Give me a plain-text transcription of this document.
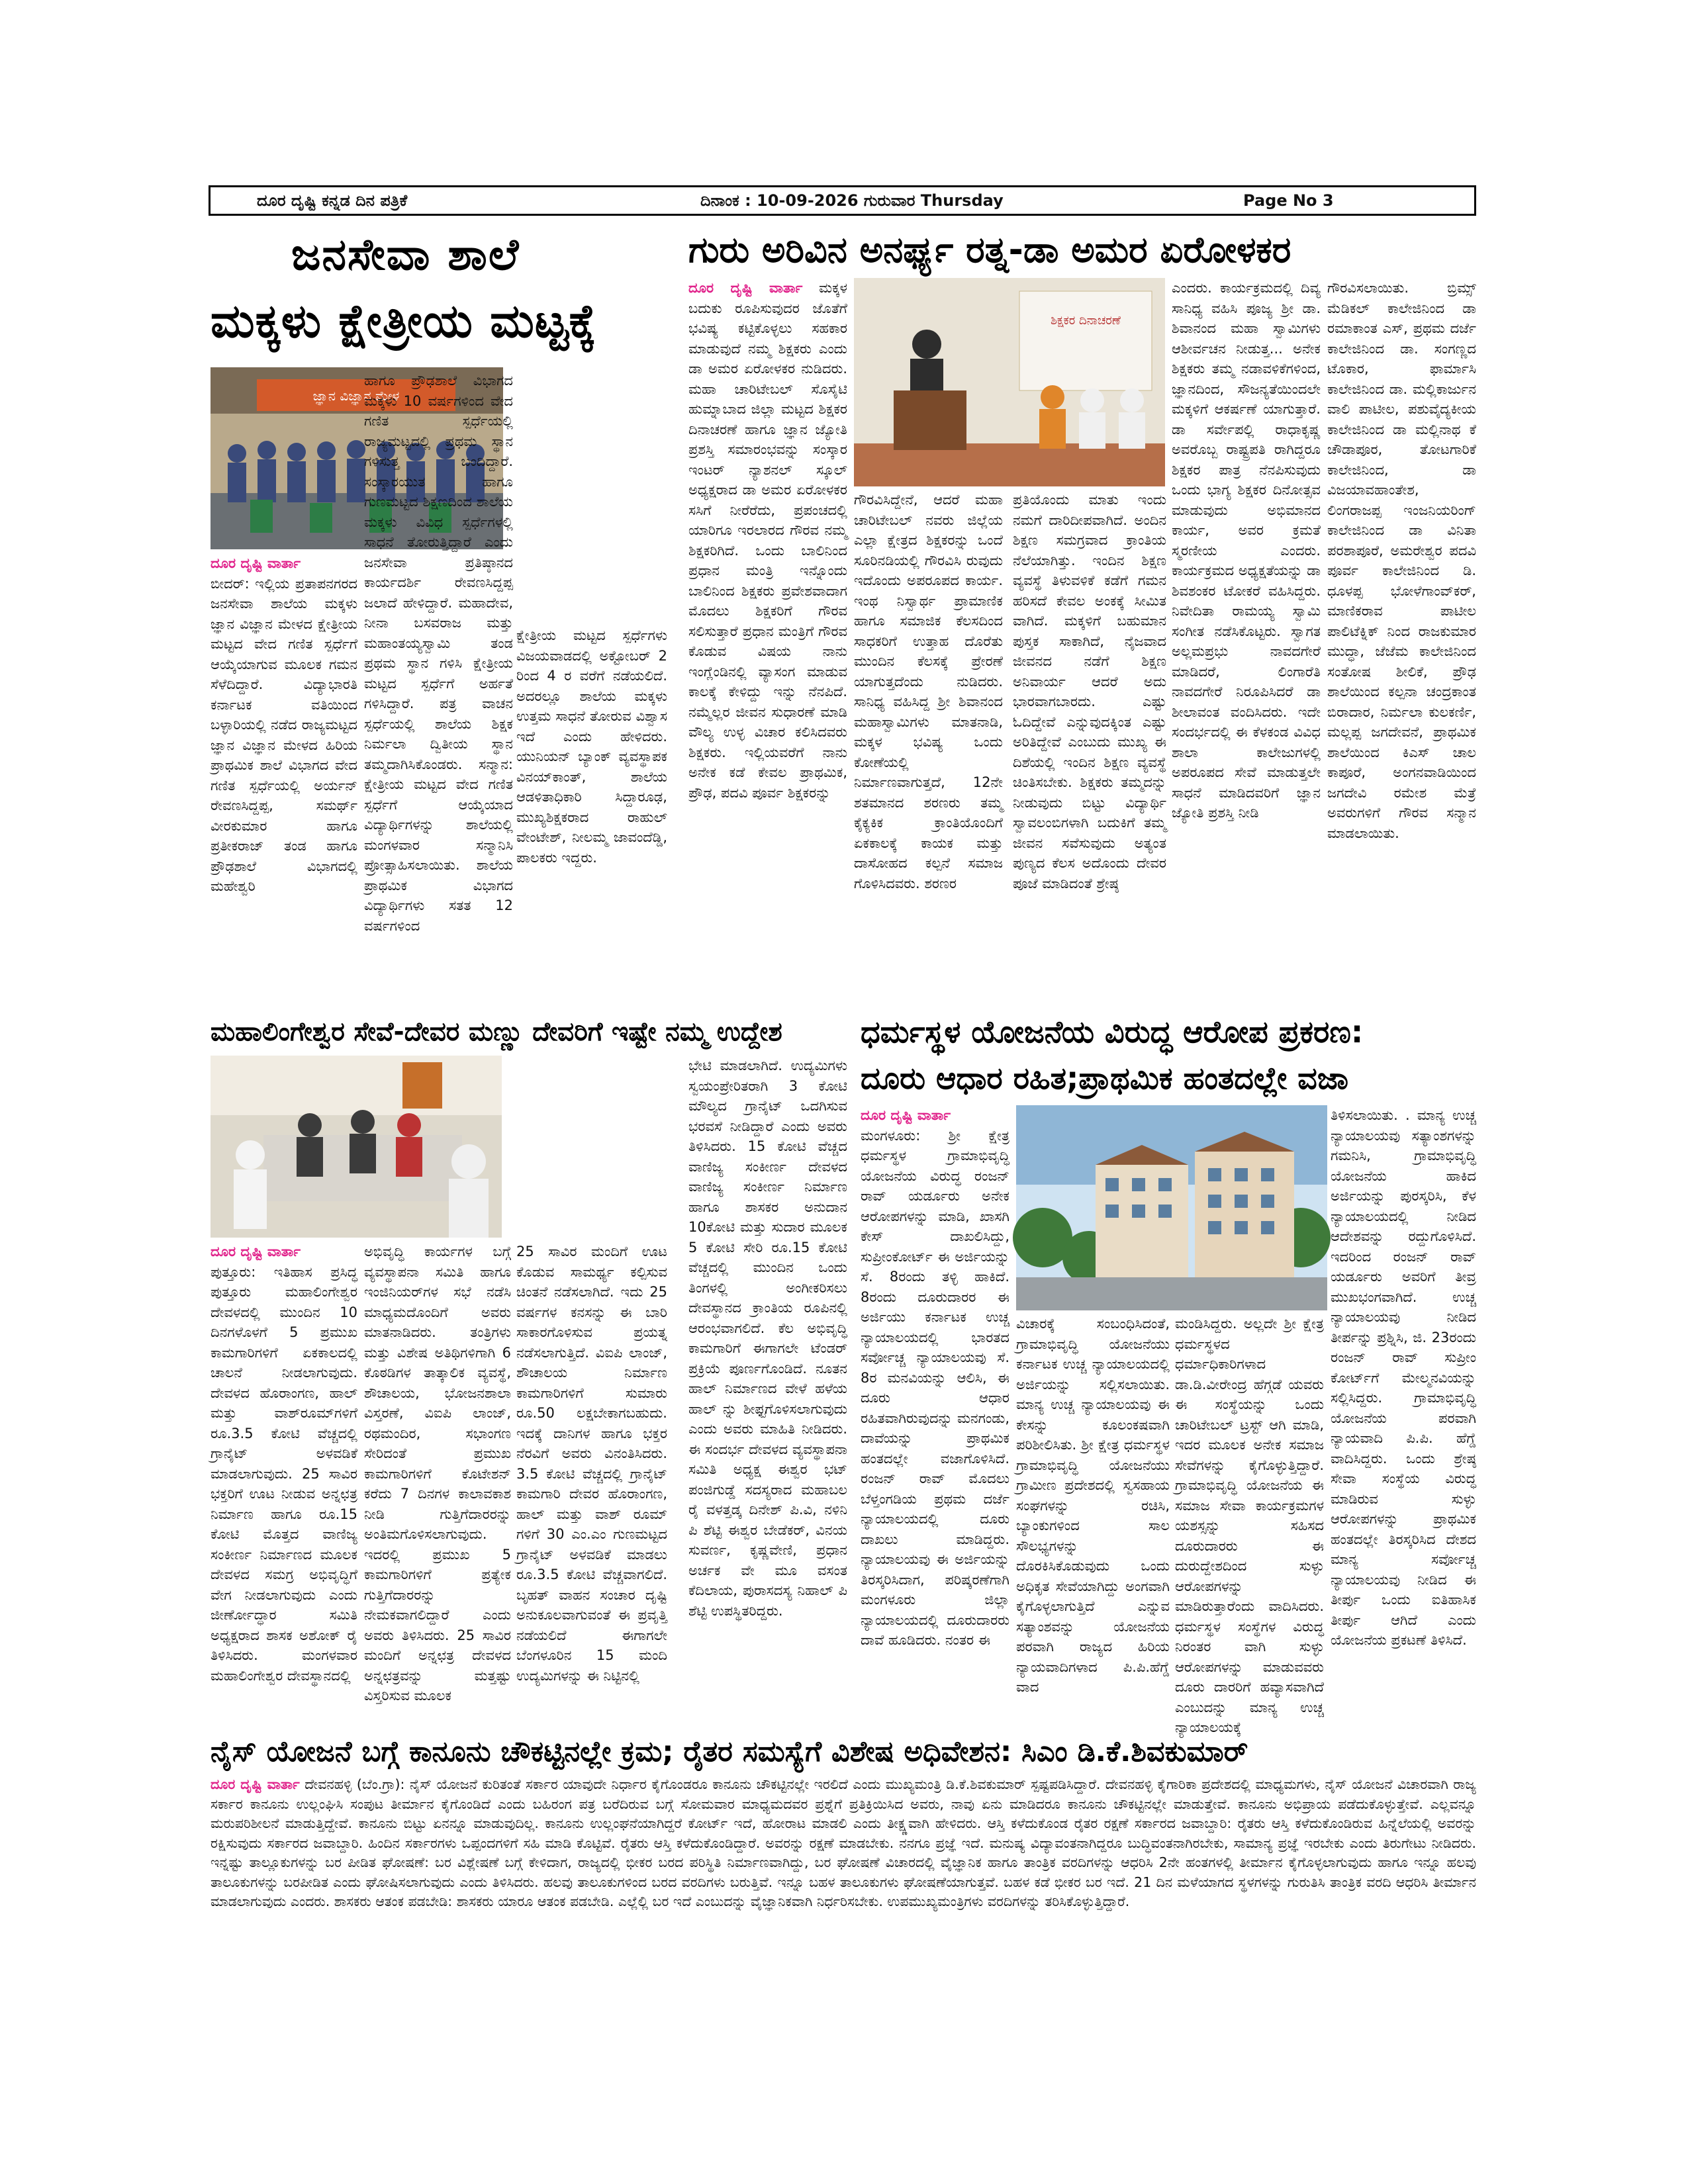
ದೂರ ದೃಷ್ಟಿ ಕನ್ನಡ ದಿನ ಪತ್ರಿಕೆ	ದಿನಾಂಕ : 10-09-2026 ಗುರುವಾರ Thursday	Page No 3
ಜನಸೇವಾ ಶಾಲೆ
ಮಕ್ಕಳು ಕ್ಷೇತ್ರೀಯ ಮಟ್ಟಕ್ಕೆ
ಜ್ಞಾನ ವಿಜ್ಞಾನ ಮೇಳ
ದೂರ ದೃಷ್ಟಿ ವಾರ್ತಾ
ಬೀದರ್: ಇಲ್ಲಿಯ ಪ್ರತಾಪನಗರದ ಜನಸೇವಾ ಶಾಲೆಯ ಮಕ್ಕಳು ಜ್ಞಾನ ವಿಜ್ಞಾನ ಮೇಳದ ಕ್ಷೇತ್ರೀಯ ಮಟ್ಟದ ವೇದ ಗಣಿತ ಸ್ಪರ್ಧೆಗೆ ಆಯ್ಕೆಯಾಗುವ ಮೂಲಕ ಗಮನ ಸೆಳೆದಿದ್ದಾರೆ. ವಿದ್ಯಾಭಾರತಿ ಕರ್ನಾಟಕ ವತಿಯಿಂದ ಬಳ್ಳಾರಿಯಲ್ಲಿ ನಡೆದ ರಾಜ್ಯಮಟ್ಟದ ಜ್ಞಾನ ವಿಜ್ಞಾನ ಮೇಳದ ಹಿರಿಯ ಪ್ರಾಥಮಿಕ ಶಾಲೆ ವಿಭಾಗದ ವೇದ ಗಣಿತ ಸ್ಪರ್ಧೆಯಲ್ಲಿ ಅರ್ಯನ್ ರೇವಣಸಿದ್ದಪ್ಪ, ಸಮರ್ಥ್ ವೀರಕುಮಾರ ಹಾಗೂ ಪ್ರತೀಕರಾಜ್ ತಂಡ ಹಾಗೂ ಪ್ರೌಢಶಾಲೆ ವಿಭಾಗದಲ್ಲಿ ಮಹೇಶ್ವರಿ
ಹಾಗೂ ಪ್ರೌಢಶಾಲೆ ವಿಭಾಗದ ಮಕ್ಕಳು 10 ವರ್ಷಗಳಿಂದ ವೇದ ಗಣಿತ ಸ್ಪರ್ಧೆಯಲ್ಲಿ ರಾಜ್ಯಮಟ್ಟದಲ್ಲಿ ಪ್ರಥಮ ಸ್ಥಾನ ಗಳಿಸುತ್ತ ಬಂದಿದ್ದಾರೆ. ಸಂಸ್ಕಾರಯುತ ಹಾಗೂ ಗುಣಮಟ್ಟದ ಶಿಕ್ಷಣದಿಂದ ಶಾಲೆಯ ಮಕ್ಕಳು ವಿವಿಧ ಸ್ಪರ್ಧೆಗಳಲ್ಲಿ ಸಾಧನೆ ತೋರುತ್ತಿದ್ದಾರೆ ಎಂದು ಜನಸೇವಾ ಪ್ರತಿಷ್ಠಾನದ ಕಾರ್ಯದರ್ಶಿ ರೇವಣಸಿದ್ದಪ್ಪ ಜಲಾದೆ ಹೇಳಿದ್ದಾರೆ. ಮಹಾದೇವ, ನೀನಾ ಬಸವರಾಜ ಮತ್ತು ಮಹಾಂತಯ್ಯಸ್ವಾಮಿ ತಂಡ ಪ್ರಥಮ ಸ್ಥಾನ ಗಳಿಸಿ ಕ್ಷೇತ್ರೀಯ ಮಟ್ಟದ ಸ್ಪರ್ಧೆಗೆ ಅರ್ಹತೆ ಗಳಿಸಿದ್ದಾರೆ. ಪತ್ರ ವಾಚನ ಸ್ಪರ್ಧೆಯಲ್ಲಿ ಶಾಲೆಯ ಶಿಕ್ಷಕ ನಿರ್ಮಲಾ ದ್ವಿತೀಯ ಸ್ಥಾನ ತಮ್ಮದಾಗಿಸಿಕೊಂಡರು. ಸನ್ಮಾನ: ಕ್ಷೇತ್ರೀಯ ಮಟ್ಟದ ವೇದ ಗಣಿತ ಸ್ಪರ್ಧೆಗೆ ಆಯ್ಕೆಯಾದ ವಿದ್ಯಾರ್ಥಿಗಳನ್ನು ಶಾಲೆಯಲ್ಲಿ ಮಂಗಳವಾರ ಸನ್ಮಾನಿಸಿ ಪ್ರೋತ್ಸಾಹಿಸಲಾಯಿತು. ಶಾಲೆಯ ಪ್ರಾಥಮಿಕ ವಿಭಾಗದ ವಿದ್ಯಾರ್ಥಿಗಳು ಸತತ 12 ವರ್ಷಗಳಿಂದ
ಕ್ಷೇತ್ರೀಯ ಮಟ್ಟದ ಸ್ಪರ್ಧೆಗಳು ವಿಜಯವಾಡದಲ್ಲಿ ಅಕ್ಟೋಬರ್ 2 ರಿಂದ 4 ರ ವರೆಗೆ ನಡೆಯಲಿದೆ. ಅದರಲ್ಲೂ ಶಾಲೆಯ ಮಕ್ಕಳು ಉತ್ತಮ ಸಾಧನೆ ತೋರುವ ವಿಶ್ವಾಸ ಇದೆ ಎಂದು ಹೇಳಿದರು. ಯುನಿಯನ್ ಬ್ಯಾಂಕ್ ವ್ಯವಸ್ಥಾಪಕ ವಿನಯ್‌ಕಾಂತ್, ಶಾಲೆಯ ಆಡಳಿತಾಧಿಕಾರಿ ಸಿದ್ದಾರೂಢ, ಮುಖ್ಯಶಿಕ್ಷಕರಾದ ರಾಹುಲ್ ವೇಂಟೇಶ್, ನೀಲಮ್ಮ ಜಾವಂದೆಡ್ಡಿ, ಪಾಲಕರು ಇದ್ದರು.
ಗುರು ಅರಿವಿನ ಅನರ್ಘ್ಯ ರತ್ನ-ಡಾ ಅಮರ ಏರೋಳಕರ
ದೂರ ದೃಷ್ಟಿ ವಾರ್ತಾ ಮಕ್ಕಳ ಬದುಕು ರೂಪಿಸುವುದರ ಜೊತೆಗೆ ಭವಿಷ್ಯ ಕಟ್ಟಿಕೊಳ್ಳಲು ಸಹಕಾರ ಮಾಡುವುದೆ ನಮ್ಮ ಶಿಕ್ಷಕರು ಎಂದು ಡಾ ಅಮರ ಏರೋಳಕರ ನುಡಿದರು. ಮಹಾ ಚಾರಿಟೇಬಲ್ ಸೊಸೈಟಿ ಹುಮ್ನಾಬಾದ ಜಿಲ್ಲಾ ಮಟ್ಟದ ಶಿಕ್ಷಕರ ದಿನಾಚರಣೆ ಹಾಗೂ ಜ್ಞಾನ ಜ್ಯೋತಿ ಪ್ರಶಸ್ತಿ ಸಮಾರಂಭವನ್ನು ಸಂಸ್ಕಾರ ಇಂಟರ್ ನ್ಯಾಶನಲ್ ಸ್ಕೂಲ್ ಅಧ್ಯಕ್ಷರಾದ ಡಾ ಅಮರ ಏರೋಳಕರ ಸಸಿಗೆ ನೀರೆರೆದು, ಪ್ರಪಂಚದಲ್ಲಿ ಯಾರಿಗೂ ಇರಲಾರದ ಗೌರವ ನಮ್ಮ ಶಿಕ್ಷಕರಿಗಿದೆ. ಒಂದು ಬಾಲಿನಿಂದ ಪ್ರಧಾನ ಮಂತ್ರಿ ಇನ್ನೊಂದು ಬಾಲಿನಿಂದ ಶಿಕ್ಷಕರು ಪ್ರವೇಶವಾದಾಗ ಮೊದಲು ಶಿಕ್ಷಕರಿಗೆ ಗೌರವ ಸಲಿಸುತ್ತಾರೆ ಪ್ರಧಾನ ಮಂತ್ರಿಗೆ ಗೌರವ ಕೊಡುವ ವಿಷಯ ನಾನು ಇಂಗ್ಲೆಂಡಿನಲ್ಲಿ ವ್ಯಾಸಂಗ ಮಾಡುವ ಕಾಲಕ್ಕೆ ಕೇಳಿದ್ದು ಇನ್ನು ನೆನಪಿದೆ. ನಮ್ಮೆಲ್ಲರ ಜೀವನ ಸುಧಾರಣೆ ಮಾಡಿ ವೌಲ್ಯ ಉಳ್ಳ ವಿಚಾರ ಕಲಿಸಿದವರು ಶಿಕ್ಷಕರು. ಇಲ್ಲಿಯವರೆಗೆ ನಾನು ಅನೇಕ ಕಡೆ ಕೇವಲ ಪ್ರಾಥಮಿಕ, ಪ್ರೌಢ, ಪದವಿ ಪೂರ್ವ ಶಿಕ್ಷಕರನ್ನು
ಶಿಕ್ಷಕರ ದಿನಾಚರಣೆ
ಗೌರವಿಸಿದ್ದೇನೆ, ಆದರೆ ಮಹಾ ಚಾರಿಟೇಬಲ್ ನವರು ಜಿಲ್ಲೆಯ ಎಲ್ಲಾ ಕ್ಷೇತ್ರದ ಶಿಕ್ಷಕರನ್ನು ಒಂದೆ ಸೂರಿನಡಿಯಲ್ಲಿ ಗೌರವಿಸಿ ರುವುದು ಇದೊಂದು ಅಪರೂಪದ ಕಾರ್ಯ. ಇಂಥ ನಿಸ್ವಾರ್ಥ ಪ್ರಾಮಾಣಿಕ ಹಾಗೂ ಸಮಾಜಿಕ ಕೆಲಸದಿಂದ ಸಾಧಕರಿಗೆ ಉತ್ತಾಹ ದೊರೆತು ಮುಂದಿನ ಕೆಲಸಕ್ಕೆ ಪ್ರೇರಣೆ ಯಾಗುತ್ತದೆಂದು ನುಡಿದರು. ಸಾನಿಧ್ಯ ವಹಿಸಿದ್ದ ಶ್ರೀ ಶಿವಾನಂದ ಮಹಾಸ್ವಾಮಿಗಳು ಮಾತನಾಡಿ, ಮಕ್ಕಳ ಭವಿಷ್ಯ ಒಂದು ಕೋಣೆಯಲ್ಲಿ ನಿರ್ಮಾಣವಾಗುತ್ತದೆ, 12ನೇ ಶತಮಾನದ ಶರಣರು ತಮ್ಮ ಕೈಕ್ಯಕಿಕ ಕ್ರಾಂತಿಯೊಂದಿಗೆ ಏಕಕಾಲಕ್ಕೆ ಕಾಯಕ ಮತ್ತು ದಾಸೋಹದ ಕಲ್ಪನೆ ಸಮಾಜ ಗೊಳಿಸಿದವರು. ಶರಣರ
ಪ್ರತಿಯೊಂದು ಮಾತು ಇಂದು ನಮಗೆ ದಾರಿದೀಪವಾಗಿದೆ. ಅಂದಿನ ಶಿಕ್ಷಣ ಸಮಗ್ರವಾದ ಕ್ರಾಂತಿಯ ನೆಲೆಯಾಗಿತ್ತು. ಇಂದಿನ ಶಿಕ್ಷಣ ವ್ಯವಸ್ಥೆ ತಿಳುವಳಿಕೆ ಕಡೆಗೆ ಗಮನ ಹರಿಸದೆ ಕೇವಲ ಅಂಕಕ್ಕೆ ಸೀಮಿತ ವಾಗಿದೆ. ಮಕ್ಕಳಿಗೆ ಬಹುಮಾನ ಪುಸ್ತಕ ಸಾಕಾಗಿದೆ, ನೈಜವಾದ ಜೀವನದ ನಡೆಗೆ ಶಿಕ್ಷಣ ಅನಿವಾರ್ಯ ಆದರೆ ಅದು ಭಾರವಾಗಬಾರದು. ಎಷ್ಟು ಓದಿದ್ದೇವೆ ಎನ್ನುವುದಕ್ಕಿಂತ ಎಷ್ಟು ಅರಿತಿದ್ದೇವೆ ಎಂಬುದು ಮುಖ್ಯ ಈ ದಿಶೆಯಲ್ಲಿ ಇಂದಿನ ಶಿಕ್ಷಣ ವ್ಯವಸ್ಥೆ ಚಿಂತಿಸಬೇಕು. ಶಿಕ್ಷಕರು ತಮ್ಮದನ್ನು ನೀಡುವುದು ಬಿಟ್ಟು ವಿದ್ಯಾರ್ಥಿ ಸ್ವಾವಲಂಬಿಗಳಾಗಿ ಬದುಕಿಗೆ ತಮ್ಮ ಜೀವನ ಸವೆಸುವುದು ಅತ್ಯಂತ ಪುಣ್ಯದ ಕೆಲಸ ಅದೊಂದು ದೇವರ ಪೂಜೆ ಮಾಡಿದಂತೆ ಶ್ರೇಷ್ಠ
ಎಂದರು. ಕಾರ್ಯಕ್ರಮದಲ್ಲಿ ದಿವ್ಯ ಸಾನಿಧ್ಯ ವಹಿಸಿ ಪೂಜ್ಯ ಶ್ರೀ ಡಾ. ಶಿವಾನಂದ ಮಹಾ ಸ್ವಾಮಿಗಳು ಆಶೀರ್ವಚನ ನೀಡುತ್ತ... ಅನೇಕ ಶಿಕ್ಷಕರು ತಮ್ಮ ನಡಾವಳಿಕೆಗಳಿಂದ, ಜ್ಞಾನದಿಂದ, ಸೌಜನ್ಯತೆಯಿಂದಲೇ ಮಕ್ಕಳಿಗೆ ಆಕರ್ಷಣೆ ಯಾಗುತ್ತಾರೆ. ಡಾ ಸರ್ವೇಪಲ್ಲಿ ರಾಧಾಕೃಷ್ಣ ಅವರೊಬ್ಬ ರಾಷ್ಟ್ರಪತಿ ರಾಗಿದ್ದರೂ ಶಿಕ್ಷಕರ ಪಾತ್ರ ನೆನಪಿಸುವುದು ಒಂದು ಭಾಗ್ಯ ಶಿಕ್ಷಕರ ದಿನೋತ್ಸವ ಮಾಡುವುದು ಅಭಿಮಾನದ ಕಾರ್ಯ, ಅವರ ಕ್ರಮತೆ ಸ್ಮರಣೀಯ ಎಂದರು. ಕಾರ್ಯಕ್ರಮದ ಅಧ್ಯಕ್ಷತೆಯನ್ನು ಡಾ ಶಿವಶಂಕರ ಟೋಕರೆ ವಹಿಸಿದ್ದರು. ನಿವೇದಿತಾ ರಾಮಯ್ಯ ಸ್ವಾಮಿ ಸಂಗೀತ ನಡೆಸಿಕೊಟ್ಟರು. ಸ್ವಾಗತ ಅಲ್ಲಮಪ್ರಭು ನಾವದಗೇರೆ ಮಾಡಿದರೆ, ಲಿಂಗಾರೆತಿ ನಾವದಗೇರೆ ನಿರೂಪಿಸಿದರೆ ಡಾ ಶೀಲಾವಂತ ವಂದಿಸಿದರು. ಇದೇ ಸಂದರ್ಭದಲ್ಲಿ ಈ ಕೆಳಕಂಡ ವಿವಿಧ ಶಾಲಾ ಕಾಲೇಜುಗಳಲ್ಲಿ ಅಪರೂಪದ ಸೇವೆ ಮಾಡುತ್ತಲೇ ಸಾಧನೆ ಮಾಡಿದವರಿಗೆ ಜ್ಞಾನ ಜ್ಯೋತಿ ಪ್ರಶಸ್ತಿ ನೀಡಿ
ಗೌರವಿಸಲಾಯಿತು. ಬ್ರಿಮ್ಸ್ ಮೆಡಿಕಲ್ ಕಾಲೇಜಿನಿಂದ ಡಾ ರಮಾಕಾಂತ ಎಸ್, ಪ್ರಥಮ ದರ್ಜೆ ಕಾಲೇಜಿನಿಂದ ಡಾ. ಸಂಗಣ್ಣದ ಟೊಕಾರ, ಫಾರ್ಮಾಸಿ ಕಾಲೇಜಿನಿಂದ ಡಾ. ಮಲ್ಲಿಕಾರ್ಜುನ ವಾಲಿ ಪಾಟೀಲ, ಪಶುವೈದ್ಯಕೀಯ ಕಾಲೇಜಿನಿಂದ ಡಾ ಮಲ್ಲಿನಾಥ ಕೆ ಚೌಡಾಪೂರ, ತೋಟಗಾರಿಕೆ ಕಾಲೇಜಿನಿಂದ, ಡಾ ವಿಜಯಾವಹಾಂತೇಶ, ಲಿಂಗರಾಜಪ್ಪ ಇಂಜನಿಯರಿಂಗ್ ಕಾಲೇಜಿನಿಂದ ಡಾ ವಿನಿತಾ ಪರಶಾಪೂರೆ, ಅಮರೇಶ್ವರ ಪದವಿ ಪೂರ್ವ ಕಾಲೇಜಿನಿಂದ ಡಿ. ಧೂಳಪ್ಪ ಭೋಳೆಗಾಂವ್‌ಕರ್, ಮಾಣಿಕರಾವ ಪಾಟೀಲ ಪಾಲಿಟೆಕ್ನಿಕ್ ನಿಂದ ರಾಜಕುಮಾರ ಮುದ್ಧಾ, ಜೆಜೆಮ ಕಾಲೇಜಿನಿಂದ ಸಂತೋಷ ಶೀಲಿಕೆ, ಪ್ರೌಢ ಶಾಲೆಯಿಂದ ಕಲ್ಪನಾ ಚಂದ್ರಕಾಂತ ಬಿರಾದಾರ, ನಿರ್ಮಲಾ ಕುಲಕರ್ಣಿ, ಮಲ್ಲಪ್ಪ ಜಗದೇವನೆ, ಪ್ರಾಥಮಿಕ ಶಾಲೆಯಿಂದ ಕಿಎಸ್ ಚಾಲ ಕಾಪೂರೆ, ಅಂಗನವಾಡಿಯಿಂದ ಜಗದೇವಿ ರಮೇಶ ಮೆತ್ರೆ ಅವರುಗಳಿಗೆ ಗೌರವ ಸನ್ಮಾನ ಮಾಡಲಾಯಿತು.
ಮಹಾಲಿಂಗೇಶ್ವರ ಸೇವೆ-ದೇವರ ಮಣ್ಣು ದೇವರಿಗೆ ಇಷ್ಟೇ ನಮ್ಮ ಉದ್ದೇಶ
ದೂರ ದೃಷ್ಟಿ ವಾರ್ತಾ
ಪುತ್ತೂರು: ಇತಿಹಾಸ ಪ್ರಸಿದ್ಧ ಪುತ್ತೂರು ಮಹಾಲಿಂಗೇಶ್ವರ ದೇವಳದಲ್ಲಿ ಮುಂದಿನ 10 ದಿನಗಳೊಳಗೆ 5 ಪ್ರಮುಖ ಕಾಮಗಾರಿಗಳಿಗೆ ಏಕಕಾಲದಲ್ಲಿ ಚಾಲನೆ ನೀಡಲಾಗುವುದು. ದೇವಳದ ಹೊರಾಂಗಣ, ಹಾಲ್ ಮತ್ತು ವಾಶ್‌ರೂಮ್‌ಗಳಿಗೆ ರೂ.3.5 ಕೋಟಿ ವೆಚ್ಚದಲ್ಲಿ ಗ್ರಾನೈಟ್ ಅಳವಡಿಕೆ ಮಾಡಲಾಗುವುದು. 25 ಸಾವಿರ ಭಕ್ತರಿಗೆ ಊಟ ನೀಡುವ ಅನ್ನಛತ್ರ ನಿರ್ಮಾಣ ಹಾಗೂ ರೂ.15 ಕೋಟಿ ಮೊತ್ತದ ವಾಣಿಜ್ಯ ಸಂಕೀರ್ಣ ನಿರ್ಮಾಣದ ಮೂಲಕ ದೇವಳದ ಸಮಗ್ರ ಅಭಿವೃದ್ಧಿಗೆ ವೇಗ ನೀಡಲಾಗುವುದು ಎಂದು ಜೀರ್ಣೋದ್ಧಾರ ಸಮಿತಿ ಅಧ್ಯಕ್ಷರಾದ ಶಾಸಕ ಅಶೋಕ್ ರೈ ತಿಳಿಸಿದರು. ಮಂಗಳವಾರ ಮಹಾಲಿಂಗೇಶ್ವರ ದೇವಸ್ಥಾನದಲ್ಲಿ
ಅಭಿವೃದ್ಧಿ ಕಾರ್ಯಗಳ ಬಗ್ಗೆ ವ್ಯವಸ್ಥಾಪನಾ ಸಮಿತಿ ಹಾಗೂ ಇಂಜಿನಿಯರ್‌ಗಳ ಸಭೆ ನಡೆಸಿ ಮಾಧ್ಯಮದೊಂದಿಗೆ ಅವರು ಮಾತನಾಡಿದರು. ತಂತ್ರಿಗಳು ಮತ್ತು ವಿಶೇಷ ಅತಿಥಿಗಳಿಗಾಗಿ 6 ಕೊಠಡಿಗಳ ತಾತ್ಕಾಲಿಕ ವ್ಯವಸ್ಥೆ, ಶೌಚಾಲಯ, ಭೋಜನಶಾಲಾ ವಿಸ್ತರಣೆ, ವಿಐಪಿ ಲಾಂಜ್, ರಥಮಂದಿರ, ಸಭಾಂಗಣ ಸೇರಿದಂತೆ ಪ್ರಮುಖ ಕಾಮಗಾರಿಗಳಿಗೆ ಕೊಟೇಶನ್ ಕರೆದು 7 ದಿನಗಳ ಕಾಲಾವಕಾಶ ನೀಡಿ ಗುತ್ತಿಗೆದಾರರನ್ನು ಅಂತಿಮಗೊಳಿಸಲಾಗುವುದು. ಇದರಲ್ಲಿ ಪ್ರಮುಖ 5 ಕಾಮಗಾರಿಗಳಿಗೆ ಪ್ರತ್ಯೇಕ ಗುತ್ತಿಗೆದಾರರನ್ನು ನೇಮಕವಾಗಲಿದ್ದಾರೆ ಎಂದು ಅವರು ತಿಳಿಸಿದರು. 25 ಸಾವಿರ ಮಂದಿಗೆ ಅನ್ನಛತ್ರ ದೇವಳದ ಅನ್ನಛತ್ರವನ್ನು ಮತ್ತಷ್ಟು ವಿಸ್ತರಿಸುವ ಮೂಲಕ
25 ಸಾವಿರ ಮಂದಿಗೆ ಊಟ ಕೊಡುವ ಸಾಮರ್ಥ್ಯ ಕಲ್ಪಿಸುವ ಚಿಂತನೆ ನಡೆಸಲಾಗಿದೆ. ಇದು 25 ವರ್ಷಗಳ ಕನಸನ್ನು ಈ ಬಾರಿ ಸಾಕಾರಗೊಳಿಸುವ ಪ್ರಯತ್ನ ನಡೆಸಲಾಗುತ್ತಿದೆ. ವಿಐಪಿ ಲಾಂಜ್, ಶೌಚಾಲಯ ನಿರ್ಮಾಣ ಕಾಮಗಾರಿಗಳಿಗೆ ಸುಮಾರು ರೂ.50 ಲಕ್ಷಬೇಕಾಗಬಹುದು. ಇದಕ್ಕೆ ದಾನಿಗಳ ಹಾಗೂ ಭಕ್ತರ ನೆರವಿಗೆ ಅವರು ವಿನಂತಿಸಿದರು. 3.5 ಕೋಟಿ ವೆಚ್ಚದಲ್ಲಿ ಗ್ರಾನೈಟ್ ಕಾಮಗಾರಿ ದೇವರ ಹೊರಾಂಗಣ, ಹಾಲ್ ಮತ್ತು ವಾಶ್ ರೂಮ್ ಗಳಿಗೆ 30 ಎಂ.ಎಂ ಗುಣಮಟ್ಟದ ಗ್ರಾನೈಟ್ ಅಳವಡಿಕೆ ಮಾಡಲು ರೂ.3.5 ಕೋಟಿ ವೆಚ್ಚವಾಗಲಿದೆ. ಬೃಹತ್ ವಾಹನ ಸಂಚಾರ ದೃಷ್ಟಿ ಅನುಕೂಲವಾಗುವಂತೆ ಈ ಪ್ರವೃತ್ತಿ ನಡೆಯಲಿದೆ ಈಗಾಗಲೇ ಬೆಂಗಳೂರಿನ 15 ಮಂದಿ ಉದ್ಯಮಿಗಳನ್ನು ಈ ನಿಟ್ಟಿನಲ್ಲಿ
ಭೇಟಿ ಮಾಡಲಾಗಿದೆ. ಉದ್ಯಮಿಗಳು ಸ್ವಯಂಪ್ರೇರಿತರಾಗಿ 3 ಕೋಟಿ ಮೌಲ್ಯದ ಗ್ರಾನೈಟ್ ಒದಗಿಸುವ ಭರವಸೆ ನೀಡಿದ್ದಾರೆ ಎಂದು ಅವರು ತಿಳಿಸಿದರು. 15 ಕೋಟಿ ವೆಚ್ಚದ ವಾಣಿಜ್ಯ ಸಂಕೀರ್ಣ ದೇವಳದ ವಾಣಿಜ್ಯ ಸಂಕೀರ್ಣ ನಿರ್ಮಾಣ ಹಾಗೂ ಶಾಸಕರ ಅನುದಾನ 10ಕೋಟಿ ಮತ್ತು ಸುದಾರ ಮೂಲಕ 5 ಕೋಟಿ ಸೇರಿ ರೂ.15 ಕೋಟಿ ವೆಚ್ಚದಲ್ಲಿ ಮುಂದಿನ ಒಂದು ತಿಂಗಳಲ್ಲಿ ಅಂಗೀಕರಿಸಲು ದೇವಸ್ಥಾನದ ಕ್ರಾಂತಿಯ ರೂಪಿನಲ್ಲಿ ಆರಂಭವಾಗಲಿದೆ. ಕೆಲ ಅಭಿವೃದ್ಧಿ ಕಾಮಗಾರಿಗೆ ಈಗಾಗಲೇ ಟೆಂಡರ್ ಪ್ರಕ್ರಿಯೆ ಪೂರ್ಣಗೊಂಡಿದೆ. ನೂತನ ಹಾಲ್ ನಿರ್ಮಾಣದ ವೇಳೆ ಹಳೆಯ ಹಾಲ್ ನ್ನು ಶೀಫ್ಟಗೊಳಿಸಲಾಗುವುದು ಎಂದು ಅವರು ಮಾಹಿತಿ ನೀಡಿದರು. ಈ ಸಂದರ್ಭ ದೇವಳದ ವ್ಯವಸ್ಥಾಪನಾ ಸಮಿತಿ ಅಧ್ಯಕ್ಷ ಈಶ್ವರ ಭಟ್ ಪಂಜಿಗುಡ್ಡೆ ಸದಸ್ಯರಾದ ಮಹಾಬಲ ರೈ ವಳತ್ತಡ್ಕ ದಿನೇಶ್ ಪಿ.ವಿ, ನಳಿನಿ ಪಿ ಶೆಟ್ಟಿ ಈಶ್ವರ ಬೇಡೆಕರ್, ವಿನಯ ಸುವರ್ಣ, ಕೃಷ್ಣವೇಣಿ, ಪ್ರಧಾನ ಅರ್ಚಕ ವೇ ಮೂ ವಸಂತ ಕೆದಿಲಾಯ, ಪುರಾಸದಸ್ಯ ನಿಹಾಲ್ ಪಿ ಶೆಟ್ಟಿ ಉಪಸ್ಥಿತರಿದ್ದರು.
ಧರ್ಮಸ್ಥಳ ಯೋಜನೆಯ ವಿರುದ್ಧ ಆರೋಪ ಪ್ರಕರಣ:
ದೂರು ಆಧಾರ ರಹಿತ;ಪ್ರಾಥಮಿಕ ಹಂತದಲ್ಲೇ ವಜಾ
ದೂರ ದೃಷ್ಟಿ ವಾರ್ತಾ
ಮಂಗಳೂರು: ಶ್ರೀ ಕ್ಷೇತ್ರ ಧರ್ಮಸ್ಥಳ ಗ್ರಾಮಾಭಿವೃದ್ಧಿ ಯೋಜನೆಯ ವಿರುದ್ಧ ರಂಜನ್ ರಾವ್ ಯರ್ಡೂರು ಅನೇಕ ಆರೋಪಗಳನ್ನು ಮಾಡಿ, ಖಾಸಗಿ ಕೇಸ್ ದಾಖಲಿಸಿದ್ದು, ಸುಪ್ರೀಂಕೋರ್ಟ್ ಈ ಅರ್ಜಿಯನ್ನು ಸೆ. 8ರಂದು ತಳ್ಳಿ ಹಾಕಿದೆ. 8ರಂದು ದೂರುದಾರರ ಈ ಅರ್ಜಿಯು ಕರ್ನಾಟಕ ಉಚ್ಚ ನ್ಯಾಯಾಲಯದಲ್ಲಿ ಭಾರತದ ಸರ್ವೋಚ್ಚ ನ್ಯಾಯಾಲಯವು ಸೆ. 8ರ ಮನವಿಯನ್ನು ಆಲಿಸಿ, ಈ ದೂರು ಆಧಾರ ರಹಿತವಾಗಿರುವುದನ್ನು ಮನಗಂಡು, ದಾವೆಯನ್ನು ಪ್ರಾಥಮಿಕ ಹಂತದಲ್ಲೇ ವಜಾಗೊಳಿಸಿದೆ. ರಂಜನ್ ರಾವ್ ಮೊದಲು ಬೆಳ್ತಂಗಡಿಯ ಪ್ರಥಮ ದರ್ಜೆ ನ್ಯಾಯಾಲಯದಲ್ಲಿ ದೂರು ದಾಖಲು ಮಾಡಿದ್ದರು. ನ್ಯಾಯಾಲಯವು ಈ ಅರ್ಜಿಯನ್ನು ತಿರಸ್ಕರಿಸಿದಾಗ, ಪರಿಷ್ಕರಣೆಗಾಗಿ ಮಂಗಳೂರು ಜಿಲ್ಲಾ ನ್ಯಾಯಾಲಯದಲ್ಲಿ ದೂರುದಾರರು ದಾವೆ ಹೂಡಿದರು. ನಂತರ ಈ
ವಿಚಾರಕ್ಕೆ ಸಂಬಂಧಿಸಿದಂತೆ, ಗ್ರಾಮಾಭಿವೃದ್ಧಿ ಯೋಜನೆಯು ಕರ್ನಾಟಕ ಉಚ್ಚ ನ್ಯಾಯಾಲಯದಲ್ಲಿ ಅರ್ಜಿಯನ್ನು ಸಲ್ಲಿಸಲಾಯಿತು. ಮಾನ್ಯ ಉಚ್ಚ ನ್ಯಾಯಾಲಯವು ಈ ಕೇಸನ್ನು ಕೂಲಂಕಷವಾಗಿ ಪರಿಶೀಲಿಸಿತು. ಶ್ರೀ ಕ್ಷೇತ್ರ ಧರ್ಮಸ್ಥಳ ಗ್ರಾಮಾಭಿವೃದ್ಧಿ ಯೋಜನೆಯು ಗ್ರಾಮೀಣ ಪ್ರದೇಶದಲ್ಲಿ ಸ್ವಸಹಾಯ ಸಂಘಗಳನ್ನು ರಚಿಸಿ, ಬ್ಯಾಂಕುಗಳಿಂದ ಸಾಲ ಸೌಲಭ್ಯಗಳನ್ನು ದೊರಕಿಸಿಕೊಡುವುದು ಒಂದು ಅಧಿಕೃತ ಸೇವೆಯಾಗಿದ್ದು ಅಂಗವಾಗಿ ಕೈಗೊಳ್ಳಲಾಗುತ್ತಿದೆ ಎನ್ನುವ ಸತ್ಯಾಂಶವನ್ನು ಯೋಜನೆಯ ಪರವಾಗಿ ರಾಜ್ಯದ ಹಿರಿಯ ನ್ಯಾಯವಾದಿಗಳಾದ ಪಿ.ಪಿ.ಹೆಗ್ಡೆ ವಾದ
ಮಂಡಿಸಿದ್ದರು. ಅಲ್ಲದೇ ಶ್ರೀ ಕ್ಷೇತ್ರ ಧರ್ಮಸ್ಥಳದ ಧರ್ಮಾಧಿಕಾರಿಗಳಾದ ಡಾ.ಡಿ.ವೀರೇಂದ್ರ ಹೆಗ್ಗಡೆ ಯವರು ಈ ಸಂಸ್ಥೆಯನ್ನು ಒಂದು ಚಾರಿಟೇಬಲ್ ಟ್ರಸ್ಟ್ ಆಗಿ ಮಾಡಿ, ಇದರ ಮೂಲಕ ಅನೇಕ ಸಮಾಜ ಸೇವೆಗಳನ್ನು ಕೈಗೊಳ್ಳುತ್ತಿದ್ದಾರೆ. ಗ್ರಾಮಾಭಿವೃದ್ಧಿ ಯೋಜನೆಯ ಈ ಸಮಾಜ ಸೇವಾ ಕಾರ್ಯಕ್ರಮಗಳ ಯಶಸ್ಸನ್ನು ಸಹಿಸದ ದೂರುದಾರರು ಈ ದುರುದ್ದೇಶದಿಂದ ಸುಳ್ಳು ಆರೋಪಗಳನ್ನು ಮಾಡಿರುತ್ತಾರೆಂದು ವಾದಿಸಿದರು. ಧರ್ಮಸ್ಥಳ ಸಂಸ್ಥೆಗಳ ವಿರುದ್ಧ ನಿರಂತರ ವಾಗಿ ಸುಳ್ಳು ಆರೋಪಗಳನ್ನು ಮಾಡುವವರು ದೂರು ದಾರರಿಗೆ ಹವ್ಯಾಸವಾಗಿದೆ ಎಂಬುದನ್ನು ಮಾನ್ಯ ಉಚ್ಚ ನ್ಯಾಯಾಲಯಕ್ಕೆ
ತಿಳಿಸಲಾಯಿತು. . ಮಾನ್ಯ ಉಚ್ಚ ನ್ಯಾಯಾಲಯವು ಸತ್ಯಾಂಶಗಳನ್ನು ಗಮನಿಸಿ, ಗ್ರಾಮಾಭಿವೃದ್ಧಿ ಯೋಜನೆಯ ಹಾಕಿದ ಅರ್ಜಿಯನ್ನು ಪುರಸ್ಕರಿಸಿ, ಕೆಳ ನ್ಯಾಯಾಲಯದಲ್ಲಿ ನೀಡಿದ ಆದೇಶವನ್ನು ರದ್ದುಗೊಳಿಸಿದೆ. ಇದರಿಂದ ರಂಜನ್ ರಾವ್ ಯರ್ಡೂರು ಅವರಿಗೆ ತೀವ್ರ ಮುಖಭಂಗವಾಗಿದೆ. ಉಚ್ಚ ನ್ಯಾಯಾಲಯವು ನೀಡಿದ ತೀರ್ಪನ್ನು ಪ್ರಶ್ನಿಸಿ, ಜಿ. 23ರಂದು ರಂಜನ್ ರಾವ್ ಸುಪ್ರೀಂ ಕೋರ್ಟ್‌ಗೆ ಮೇಲ್ಮನವಿಯನ್ನು ಸಲ್ಲಿಸಿದ್ದರು. ಗ್ರಾಮಾಭಿವೃದ್ಧಿ ಯೋಜನೆಯ ಪರವಾಗಿ ನ್ಯಾಯವಾದಿ ಪಿ.ಪಿ. ಹೆಗ್ಡೆ ವಾದಿಸಿದ್ದರು. ಒಂದು ಶ್ರೇಷ್ಠ ಸೇವಾ ಸಂಸ್ಥೆಯ ವಿರುದ್ಧ ಮಾಡಿರುವ ಸುಳ್ಳು ಆರೋಪಗಳನ್ನು ಪ್ರಾಥಮಿಕ ಹಂತದಲ್ಲೇ ತಿರಸ್ಕರಿಸಿದ ದೇಶದ ಮಾನ್ಯ ಸರ್ವೋಚ್ಚ ನ್ಯಾಯಾಲಯವು ನೀಡಿದ ಈ ತೀರ್ಪು ಒಂದು ಐತಿಹಾಸಿಕ ತೀರ್ಪು ಆಗಿದೆ ಎಂದು ಯೋಜನೆಯ ಪ್ರಕಟಣೆ ತಿಳಿಸಿದೆ.
ನೈಸ್ ಯೋಜನೆ ಬಗ್ಗೆ ಕಾನೂನು ಚೌಕಟ್ಟಿನಲ್ಲೇ ಕ್ರಮ; ರೈತರ ಸಮಸ್ಯೆಗೆ ವಿಶೇಷ ಅಧಿವೇಶನ: ಸಿಎಂ ಡಿ.ಕೆ.ಶಿವಕುಮಾರ್
ದೂರ ದೃಷ್ಟಿ ವಾರ್ತಾ ದೇವನಹಳ್ಳಿ (ಬೆಂ.ಗ್ರಾ): ನೈಸ್ ಯೋಜನೆ ಕುರಿತಂತೆ ಸರ್ಕಾರ ಯಾವುದೇ ನಿರ್ಧಾರ ಕೈಗೊಂಡರೂ ಕಾನೂನು ಚೌಕಟ್ಟಿನಲ್ಲೇ ಇರಲಿದೆ ಎಂದು ಮುಖ್ಯಮಂತ್ರಿ ಡಿ.ಕೆ.ಶಿವಕುಮಾರ್ ಸ್ಪಷ್ಟಪಡಿಸಿದ್ದಾರೆ. ದೇವನಹಳ್ಳಿ ಕೈಗಾರಿಕಾ ಪ್ರದೇಶದಲ್ಲಿ ಮಾಧ್ಯಮಗಳು, ನೈಸ್ ಯೋಜನೆ ವಿಚಾರವಾಗಿ ರಾಜ್ಯ ಸರ್ಕಾರ ಕಾನೂನು ಉಲ್ಲಂಘಿಸಿ ಸಂಪುಟ ತೀರ್ಮಾನ ಕೈಗೊಂಡಿದೆ ಎಂದು ಬಹಿರಂಗ ಪತ್ರ ಬರೆದಿರುವ ಬಗ್ಗೆ ಸೋಮವಾರ ಮಾಧ್ಯಮದವರ ಪ್ರಶ್ನೆಗೆ ಪ್ರತಿಕ್ರಿಯಿಸಿದ ಅವರು, ನಾವು ಏನು ಮಾಡಿದರೂ ಕಾನೂನು ಚೌಕಟ್ಟಿನಲ್ಲೇ ಮಾಡುತ್ತೇವೆ. ಕಾನೂನು ಅಭಿಪ್ರಾಯ ಪಡೆದುಕೊಳ್ಳುತ್ತೇವೆ. ಎಲ್ಲವನ್ನೂ ಮರುಪರಿಶೀಲನೆ ಮಾಡುತ್ತಿದ್ದೇವೆ. ಕಾನೂನು ಬಿಟ್ಟು ಏನನ್ನೂ ಮಾಡುವುದಿಲ್ಲ. ಕಾನೂನು ಉಲ್ಲಂಘನೆಯಾಗಿದ್ದರೆ ಕೋರ್ಟ್ ಇದೆ, ಹೋರಾಟ ಮಾಡಲಿ ಎಂದು ತೀಕ್ಷ್ಣವಾಗಿ ಹೇಳಿದರು. ಆಸ್ತಿ ಕಳೆದುಕೊಂಡ ರೈತರ ರಕ್ಷಣೆ ಸರ್ಕಾರದ ಜವಾಬ್ದಾರಿ: ರೈತರು ಆಸ್ತಿ ಕಳೆದುಕೊಂಡಿರುವ ಹಿನ್ನೆಲೆಯಲ್ಲಿ ಅವರನ್ನು ರಕ್ಷಿಸುವುದು ಸರ್ಕಾರದ ಜವಾಬ್ದಾರಿ. ಹಿಂದಿನ ಸರ್ಕಾರಗಳು ಒಪ್ಪಂದಗಳಿಗೆ ಸಹಿ ಮಾಡಿ ಕೊಟ್ಟಿವೆ. ರೈತರು ಆಸ್ತಿ ಕಳೆದುಕೊಂಡಿದ್ದಾರೆ. ಅವರನ್ನು ರಕ್ಷಣೆ ಮಾಡಬೇಕು. ನನಗೂ ಪ್ರಜ್ಞೆ ಇದೆ. ಮನುಷ್ಯ ವಿದ್ಯಾವಂತನಾಗಿದ್ದರೂ ಬುದ್ಧಿವಂತನಾಗಿರಬೇಕು, ಸಾಮಾನ್ಯ ಪ್ರಜ್ಞೆ ಇರಬೇಕು ಎಂದು ತಿರುಗೇಟು ನೀಡಿದರು. ಇನ್ನಷ್ಟು ತಾಲ್ಲೂಕುಗಳನ್ನು ಬರ ಪೀಡಿತ ಘೋಷಣೆ: ಬರ ವಿಶ್ಲೇಷಣೆ ಬಗ್ಗೆ ಕೇಳಿದಾಗ, ರಾಜ್ಯದಲ್ಲಿ ಭೀಕರ ಬರದ ಪರಿಸ್ಥಿತಿ ನಿರ್ಮಾಣವಾಗಿದ್ದು, ಬರ ಘೋಷಣೆ ವಿಚಾರದಲ್ಲಿ ವೈಜ್ಞಾನಿಕ ಹಾಗೂ ತಾಂತ್ರಿಕ ವರದಿಗಳನ್ನು ಆಧರಿಸಿ 2ನೇ ಹಂತಗಳಲ್ಲಿ ತೀರ್ಮಾನ ಕೈಗೊಳ್ಳಲಾಗುವುದು ಹಾಗೂ ಇನ್ನೂ ಹಲವು ತಾಲೂಕುಗಳನ್ನು ಬರಪೀಡಿತ ಎಂದು ಘೋಷಿಸಲಾಗುವುದು ಎಂದು ತಿಳಿಸಿದರು. ಹಲವು ತಾಲೂಕುಗಳಿಂದ ಬರದ ವರದಿಗಳು ಬರುತ್ತಿವೆ. ಇನ್ನೂ ಬಹಳ ತಾಲೂಕುಗಳು ಘೋಷಣೆಯಾಗುತ್ತವೆ. ಬಹಳ ಕಡೆ ಭೀಕರ ಬರ ಇದೆ. 21 ದಿನ ಮಳೆಯಾಗದ ಸ್ಥಳಗಳನ್ನು ಗುರುತಿಸಿ ತಾಂತ್ರಿಕ ವರದಿ ಆಧರಿಸಿ ತೀರ್ಮಾನ ಮಾಡಲಾಗುವುದು ಎಂದರು. ಶಾಸಕರು ಆತಂಕ ಪಡಬೇಡಿ: ಶಾಸಕರು ಯಾರೂ ಆತಂಕ ಪಡಬೇಡಿ. ಎಲ್ಲೆಲ್ಲಿ ಬರ ಇದೆ ಎಂಬುದನ್ನು ವೈಜ್ಞಾನಿಕವಾಗಿ ನಿರ್ಧರಿಸಬೇಕು. ಉಪಮುಖ್ಯಮಂತ್ರಿಗಳು ವರದಿಗಳನ್ನು ತರಿಸಿಕೊಳ್ಳುತ್ತಿದ್ದಾರೆ.
